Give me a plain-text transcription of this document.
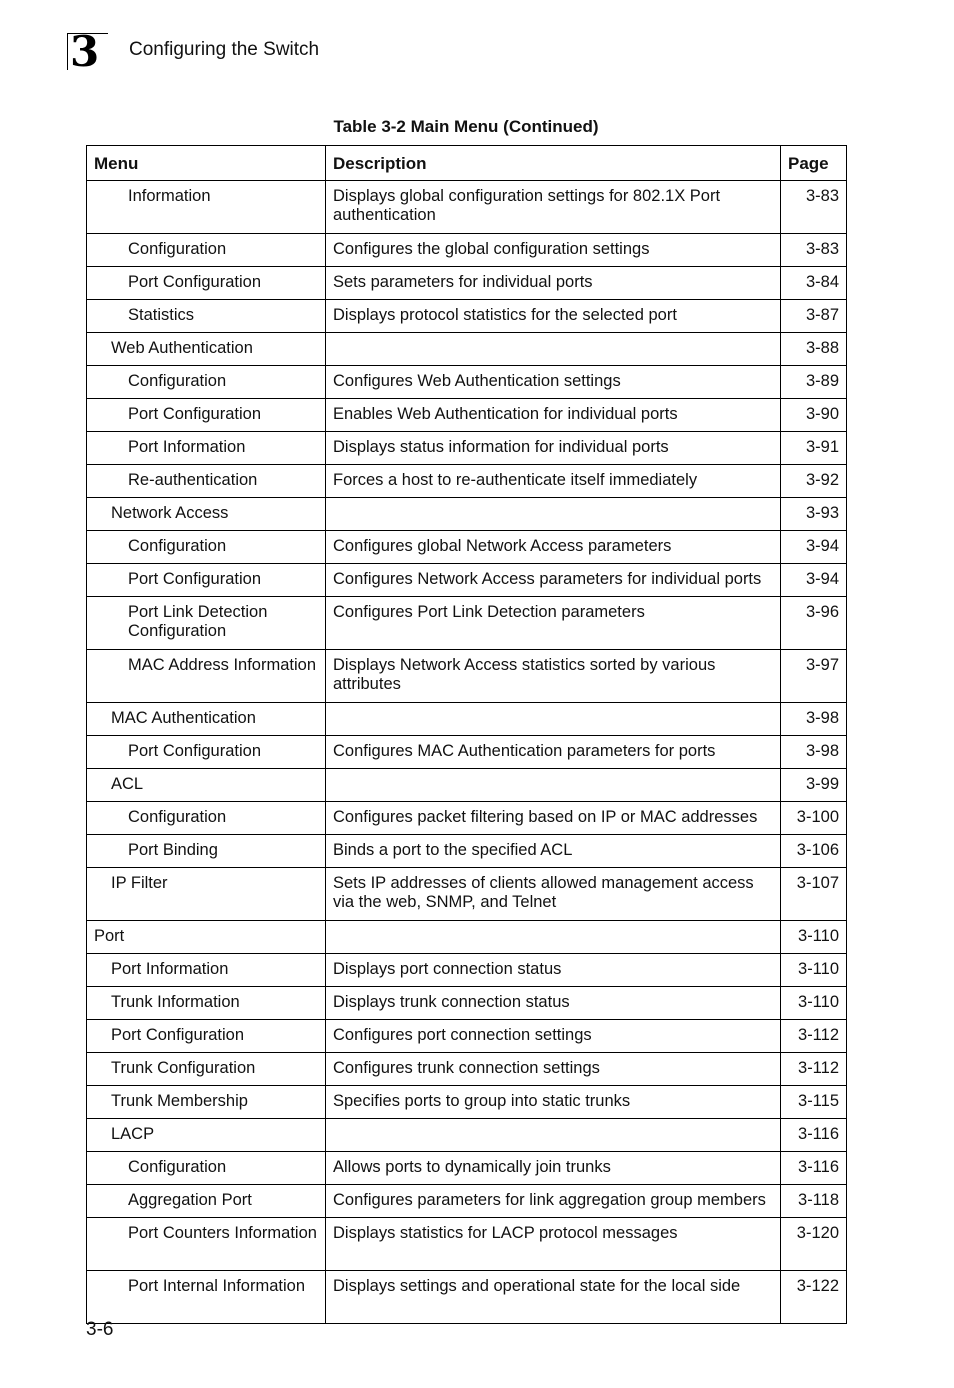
3 Configuring the Switch
Table 3-2 Main Menu (Continued)
Menu	Description	Page
Information	Displays global configuration settings for 802.1X Port authentication	3-83
Configuration	Configures the global configuration settings	3-83
Port Configuration	Sets parameters for individual ports	3-84
Statistics	Displays protocol statistics for the selected port	3-87
Web Authentication		3-88
Configuration	Configures Web Authentication settings	3-89
Port Configuration	Enables Web Authentication for individual ports	3-90
Port Information	Displays status information for individual ports	3-91
Re-authentication	Forces a host to re-authenticate itself immediately	3-92
Network Access		3-93
Configuration	Configures global Network Access parameters	3-94
Port Configuration	Configures Network Access parameters for individual ports	3-94
Port Link Detection Configuration	Configures Port Link Detection parameters	3-96
MAC Address Information	Displays Network Access statistics sorted by various attributes	3-97
MAC Authentication		3-98
Port Configuration	Configures MAC Authentication parameters for ports	3-98
ACL		3-99
Configuration	Configures packet filtering based on IP or MAC addresses	3-100
Port Binding	Binds a port to the specified ACL	3-106
IP Filter	Sets IP addresses of clients allowed management access via the web, SNMP, and Telnet	3-107
Port		3-110
Port Information	Displays port connection status	3-110
Trunk Information	Displays trunk connection status	3-110
Port Configuration	Configures port connection settings	3-112
Trunk Configuration	Configures trunk connection settings	3-112
Trunk Membership	Specifies ports to group into static trunks	3-115
LACP		3-116
Configuration	Allows ports to dynamically join trunks	3-116
Aggregation Port	Configures parameters for link aggregation group members	3-118
Port Counters Information	Displays statistics for LACP protocol messages	3-120
Port Internal Information	Displays settings and operational state for the local side	3-122
3-6
